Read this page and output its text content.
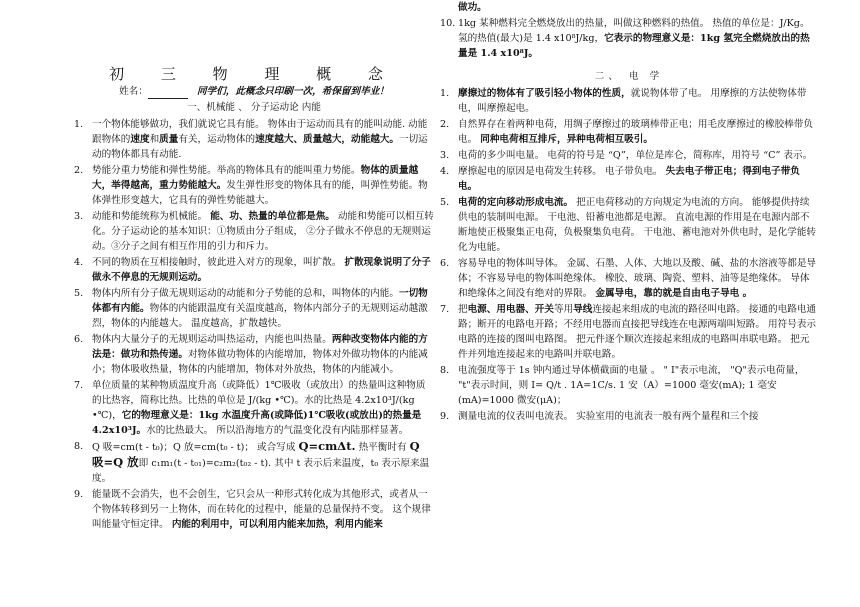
初 三 物 理 概 念
姓名：	同学们，此概念只印刷一次，希保留到毕业！
一、机械能 、 分子运动论 内能
1. 一个物体能够做功，我们就说它具有能。 物体由于运动而具有的能叫动能. 动能跟物体的速度和质量有关，运动物体的速度越大、质量越大，动能越大。一切运动的物体都具有动能.
2. 势能分重力势能和弹性势能。举高的物体具有的能叫重力势能。物体的质量越大，举得越高，重力势能越大。发生弹性形变的物体具有的能，叫弹性势能。物体弹性形变越大，它具有的弹性势能越大。
3. 动能和势能统称为机械能。 能、功、热量的单位都是焦。 动能和势能可以相互转化。分子运动论的基本知识：①物质由分子组成， ②分子做永不停息的无规则运动。③分子之间有相互作用的引力和斥力。
4. 不同的物质在互相接触时，彼此进入对方的现象，叫扩散。 扩散现象说明了分子做永不停息的无规则运动。
5. 物体内所有分子做无规则运动的动能和分子势能的总和，叫物体的内能。一切物体都有内能。物体的内能跟温度有关温度越高，物体内部分子的无规则运动越激烈，物体的内能越大。 温度越高，扩散越快。
6. 物体内大量分子的无规则运动叫热运动，内能也叫热量。两种改变物体内能的方法是：做功和热传递。对物体做功物体的内能增加，物体对外做功物体的内能减小；物体吸收热量，物体的内能增加，物体对外放热，物体的内能减小。
7. 单位质量的某种物质温度升高（或降低）1℃吸收（或放出）的热量叫这种物质的比热容，简称比热。比热的单位是 J/(kg •℃)。水的比热是 4.2x10³J/(kg •℃)，它的物理意义是：1kg 水温度升高(或降低)1℃吸收(或放出)的热量是 4.2x10³J。水的比热最大。 所以沿海地方的气温变化没有内陆那样显著。
8. Q 吸=cm(t - t₀)；Q 放=cm(t₀ - t)； 或合写成 Q=cmΔt. 热平衡时有 Q 吸=Q 放即 c₁m₁(t - t₀₁)=c₂m₂(t₀₂ - t). 其中 t 表示后来温度，t₀ 表示原来温度。
9. 能量既不会消失，也不会创生，它只会从一种形式转化成为其他形式，或者从一个物体转移到另一上物体，而在转化的过程中，能量的总量保持不变。 这个规律叫能量守恒定律。 内能的利用中，可以利用内能来加热，利用内能来
做功。
10. 1kg 某种燃料完全燃烧放出的热量，叫做这种燃料的热值。 热值的单位是：J/Kg。 氢的热值(最大)是 1.4 x10⁸J/kg，它表示的物理意义是：1kg 氢完全燃烧放出的热量是 1.4 x10⁸J。
二、 电 学
1. 摩擦过的物体有了吸引轻小物体的性质，就说物体带了电。 用摩擦的方法使物体带电，叫摩擦起电。
2. 自然界存在着两种电荷，用绸子摩擦过的玻璃棒带正电；用毛皮摩擦过的橡胶棒带负电。 同种电荷相互排斥，异种电荷相互吸引。
3. 电荷的多少叫电量。 电荷的符号是 “Q”，单位是库仑，简称库，用符号 “C” 表示。
4. 摩擦起电的原因是电荷发生转移。 电子带负电。 失去电子带正电；得到电子带负电。
5. 电荷的定向移动形成电流。 把正电荷移动的方向规定为电流的方向。 能够提供持续供电的装制叫电源。 干电池、铅蓄电池都是电源。 直流电源的作用是在电源内部不断地使正极聚集正电荷，负极聚集负电荷。 干电池、蓄电池对外供电时，是化学能转化为电能。
6. 容易导电的物体叫导体。 金属、石墨、人体、大地以及酸、碱、盐的水溶液等都是导体；不容易导电的物体叫绝缘体。 橡胶、玻璃、陶瓷、塑料、油等是绝缘体。 导体和绝缘体之间没有绝对的界限。 金属导电，靠的就是自由电子导电 。
7. 把电源、用电器、开关等用导线连接起来组成的电流的路径叫电路。 接通的电路电通路；断开的电路电开路；不经用电器而直接把导线连在电源两端叫短路。 用符号表示电路的连接的图叫电路图。 把元件逐个顺次连接起来组成的电路叫串联电路。 把元件并列地连接起来的电路叫并联电路。
8. 电流强度等于 1s 钟内通过导体横截面的电量 。 " I"表示电流， "Q"表示电荷量， "t"表示时间，则 I= Q/t . 1A=1C/s. 1 安（A）=1000 毫安(mA); 1 毫安(mA)=1000 微安(μA)；
9. 测量电流的仪表叫电流表。 实验室用的电流表一般有两个量程和三个接
